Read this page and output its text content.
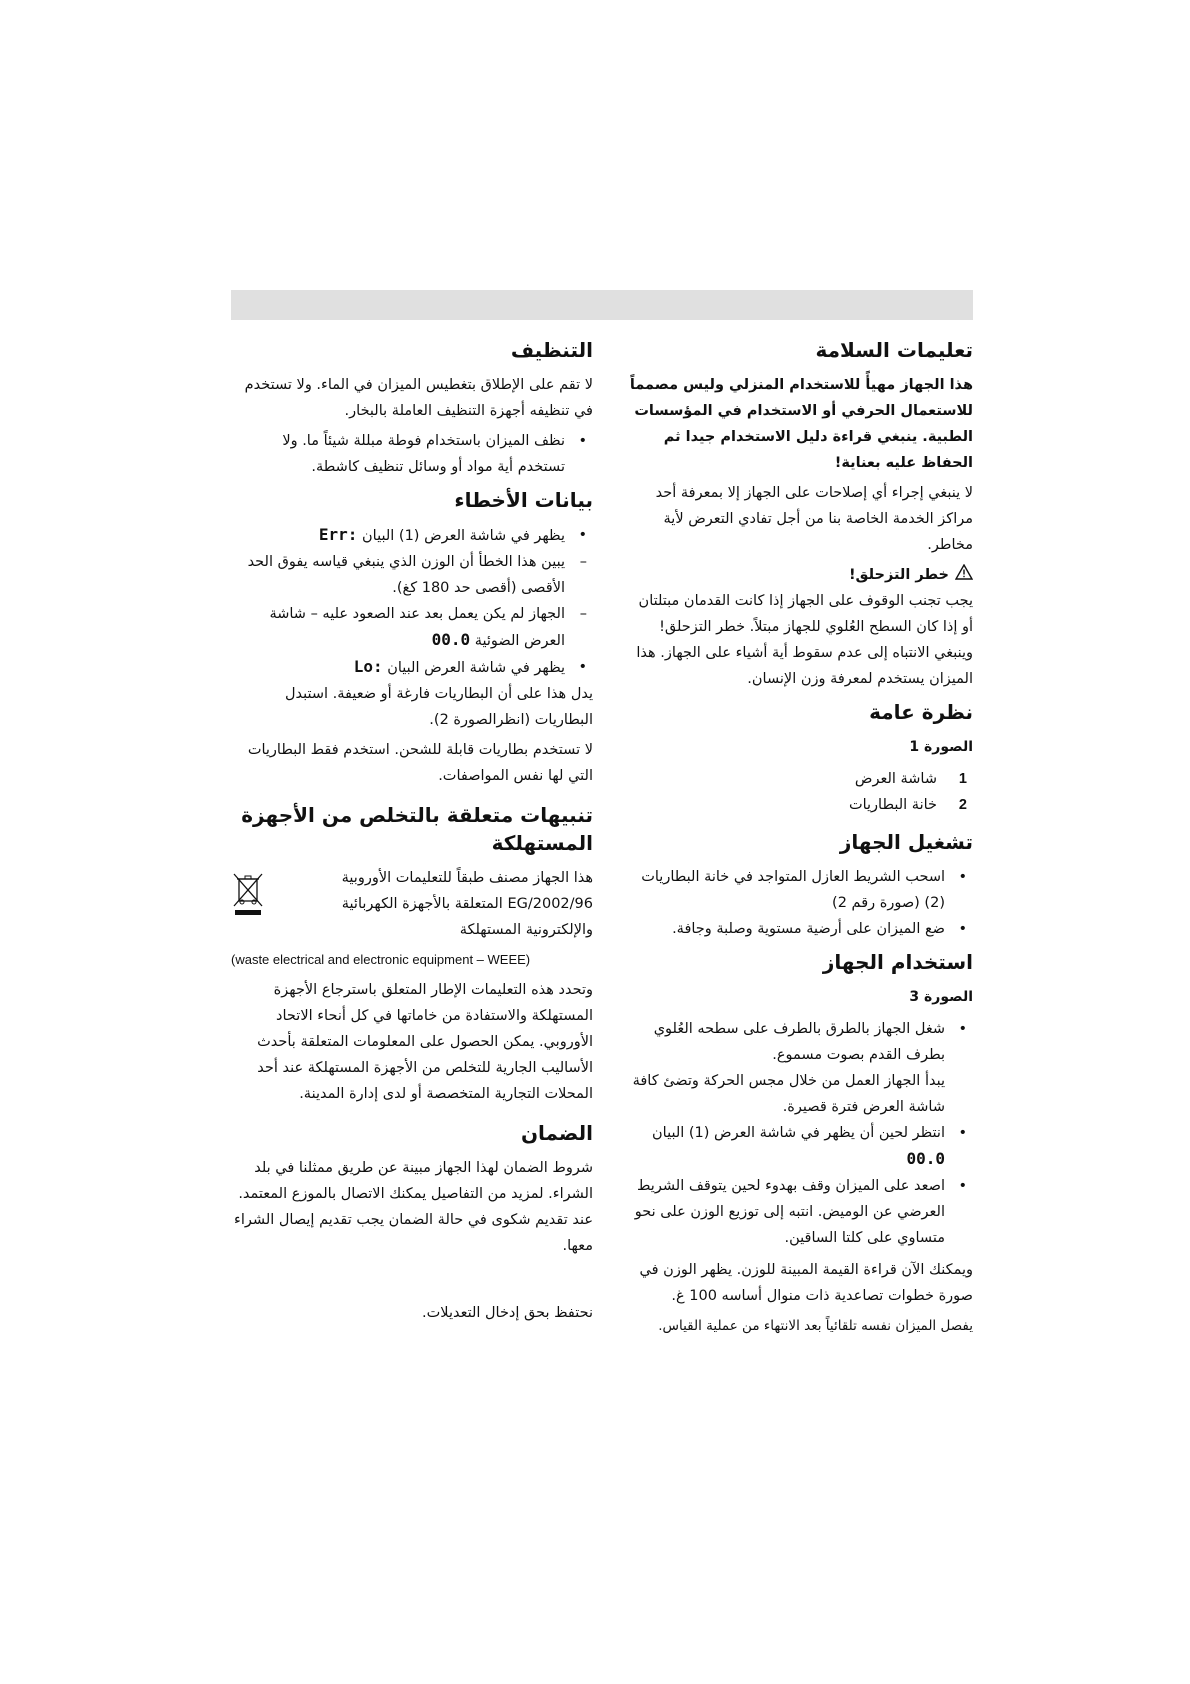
تعليمات السلامة

هذا الجهاز مهيأً للاستخدام المنزلي وليس مصمماً للاستعمال الحرفي أو الاستخدام في المؤسسات الطبية. ينبغي قراءة دليل الاستخدام جيدا ثم الحفاظ عليه بعناية!

لا ينبغي إجراء أي إصلاحات على الجهاز إلا بمعرفة أحد مراكز الخدمة الخاصة بنا من أجل تفادي التعرض لأية مخاطر.

خطر التزحلق!

يجب تجنب الوقوف على الجهاز إذا كانت القدمان مبتلتان أو إذا كان السطح العُلوي للجهاز مبتلاً. خطر التزحلق! وينبغي الانتباه إلى عدم سقوط أية أشياء على الجهاز. هذا الميزان يستخدم لمعرفة وزن الإنسان.

نظرة عامة
الصورة 1
1
شاشة العرض
2
خانة البطاريات
تشغيل الجهاز
• اسحب الشريط العازل المتواجد في خانة البطاريات (2) (صورة رقم 2)
• ضع الميزان على أرضية مستوية وصلبة وجافة.
استخدام الجهاز
الصورة 3
• شغل الجهاز بالطرق بالطرف على سطحه العُلوي بطرف القدم بصوت مسموع.
يبدأ الجهاز العمل من خلال مجس الحركة وتضئ كافة شاشة العرض فترة قصيرة.
• انتظر لحين أن يظهر في شاشة العرض (1) البيان 00.0
• اصعد على الميزان وقف بهدوء لحين يتوقف الشريط العرضي عن الوميض. انتبه إلى توزيع الوزن على نحو متساوي على كلتا الساقين.

ويمكنك الآن قراءة القيمة المبينة للوزن. يظهر الوزن في صورة خطوات تصاعدية ذات منوال أساسه 100 غ.

يفصل الميزان نفسه تلقائياً بعد الانتهاء من عملية القياس.

التنظيف

لا تقم على الإطلاق بتغطيس الميزان في الماء. ولا تستخدم في تنظيفه أجهزة التنظيف العاملة بالبخار.

• نظف الميزان باستخدام فوطة مبللة شيئاً ما. ولا تستخدم أية مواد أو وسائل تنظيف كاشطة.
بيانات الأخطاء
• يظهر في شاشة العرض (1) البيان Err:
– يبين هذا الخطأ أن الوزن الذي ينبغي قياسه يفوق الحد الأقصى (أقصى حد 180 كغ).
– الجهاز لم يكن يعمل بعد عند الصعود عليه – شاشة العرض الضوئية 00.0
• يظهر في شاشة العرض البيان Lo:

يدل هذا على أن البطاريات فارغة أو ضعيفة. استبدل البطاريات (انظرالصورة 2).

لا تستخدم بطاريات قابلة للشحن. استخدم فقط البطاريات التي لها نفس المواصفات.

تنبيهات متعلقة بالتخلص من الأجهزة المستهلكة

هذا الجهاز مصنف طبقاً للتعليمات الأوروبية 2002/96/EG المتعلقة بالأجهزة الكهربائية والإلكترونية المستهلكة

(waste electrical and electronic equipment – WEEE)

وتحدد هذه التعليمات الإطار المتعلق باسترجاع الأجهزة المستهلكة والاستفادة من خاماتها في كل أنحاء الاتحاد الأوروبي. يمكن الحصول على المعلومات المتعلقة بأحدث الأساليب الجارية للتخلص من الأجهزة المستهلكة عند أحد المحلات التجارية المتخصصة أو لدى إدارة المدينة.

الضمان

شروط الضمان لهذا الجهاز مبينة عن طريق ممثلنا في بلد الشراء. لمزيد من التفاصيل يمكنك الاتصال بالموزع المعتمد. عند تقديم شكوى في حالة الضمان يجب تقديم إيصال الشراء معها.

نحتفظ بحق إدخال التعديلات.
